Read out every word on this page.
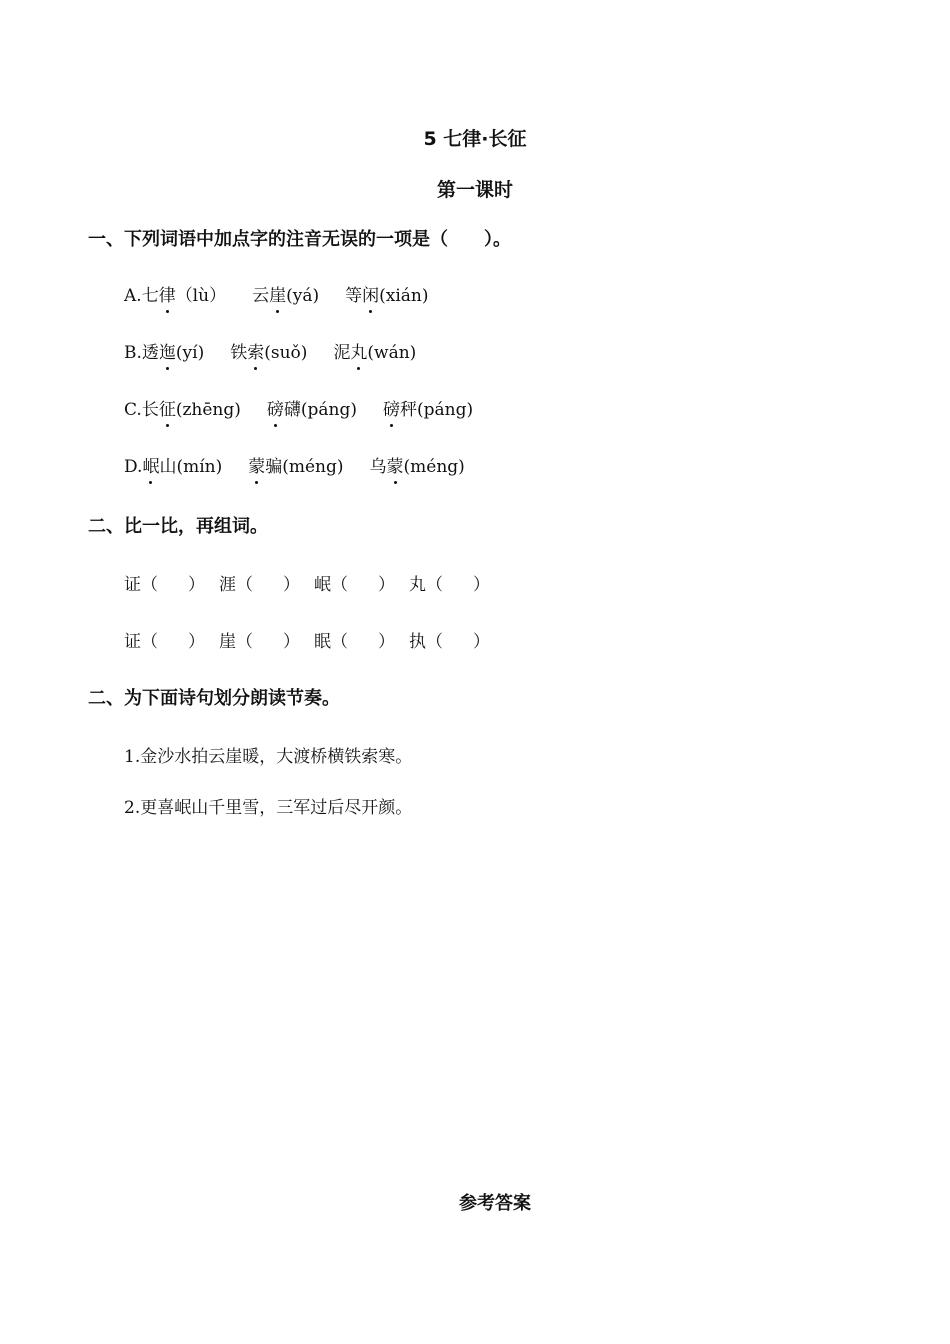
5 七律·长征
第一课时
一、下列词语中加点字的注音无误的一项是（　　）。
A.七律（lù） 云崖(yá) 等闲(xián)
B.透迤(yí) 铁索(suǒ) 泥丸(wán)
C.长征(zhēng) 磅礴(páng) 磅秤(páng)
D.岷山(mín) 蒙骗(méng) 乌蒙(méng)
二、比一比，再组词。
证（ ） 涯（ ） 岷（ ） 丸（ ）
证（ ） 崖（ ） 眠（ ） 执（ ）
二、为下面诗句划分朗读节奏。
1.金沙水拍云崖暖，大渡桥横铁索寒。
2.更喜岷山千里雪，三军过后尽开颜。
参考答案
